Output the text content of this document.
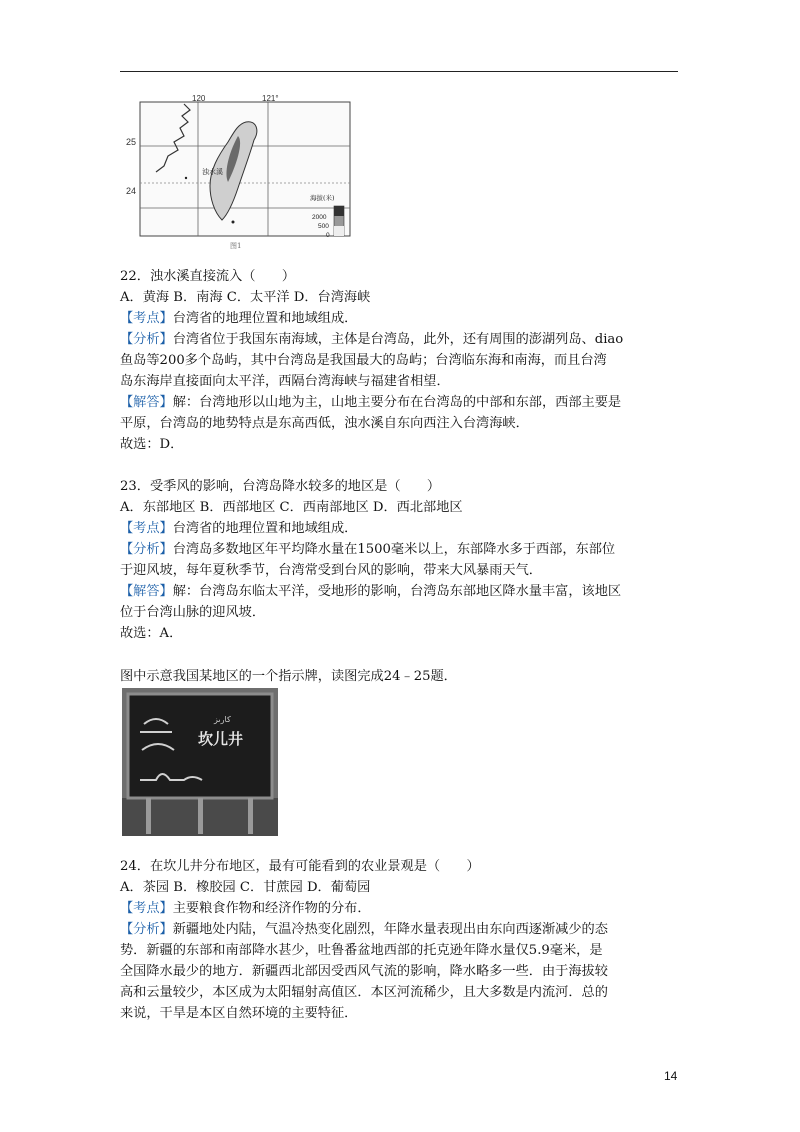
120	121°
25
24
浊水溪
海拔(米)
2000
500
0
图1
22．浊水溪直接流入（　　）
A．黄海 B．南海 C．太平洋 D．台湾海峡
【考点】台湾省的地理位置和地域组成．
【分析】台湾省位于我国东南海域，主体是台湾岛，此外，还有周围的澎湖列岛、diao
鱼岛等200多个岛屿，其中台湾岛是我国最大的岛屿；台湾临东海和南海，而且台湾
岛东海岸直接面向太平洋，西隔台湾海峡与福建省相望．
【解答】解：台湾地形以山地为主，山地主要分布在台湾岛的中部和东部，西部主要是
平原，台湾岛的地势特点是东高西低，浊水溪自东向西注入台湾海峡．
故选：D．
23．受季风的影响，台湾岛降水较多的地区是（　　）
A．东部地区 B．西部地区 C．西南部地区 D．西北部地区
【考点】台湾省的地理位置和地域组成．
【分析】台湾岛多数地区年平均降水量在1500毫米以上，东部降水多于西部，东部位
于迎风坡，每年夏秋季节，台湾常受到台风的影响，带来大风暴雨天气．
【解答】解：台湾岛东临太平洋，受地形的影响，台湾岛东部地区降水量丰富，该地区
位于台湾山脉的迎风坡．
故选：A．
图中示意我国某地区的一个指示牌，读图完成24﹣25题．
كارىز
坎儿井
24．在坎儿井分布地区，最有可能看到的农业景观是（　　）
A．茶园 B．橡胶园 C．甘蔗园 D．葡萄园
【考点】主要粮食作物和经济作物的分布．
【分析】新疆地处内陆，气温冷热变化剧烈，年降水量表现出由东向西逐渐减少的态
势．新疆的东部和南部降水甚少，吐鲁番盆地西部的托克逊年降水量仅5.9毫米，是
全国降水最少的地方．新疆西北部因受西风气流的影响，降水略多一些．由于海拔较
高和云量较少，本区成为太阳辐射高值区．本区河流稀少，且大多数是内流河．总的
来说，干旱是本区自然环境的主要特征．
14
